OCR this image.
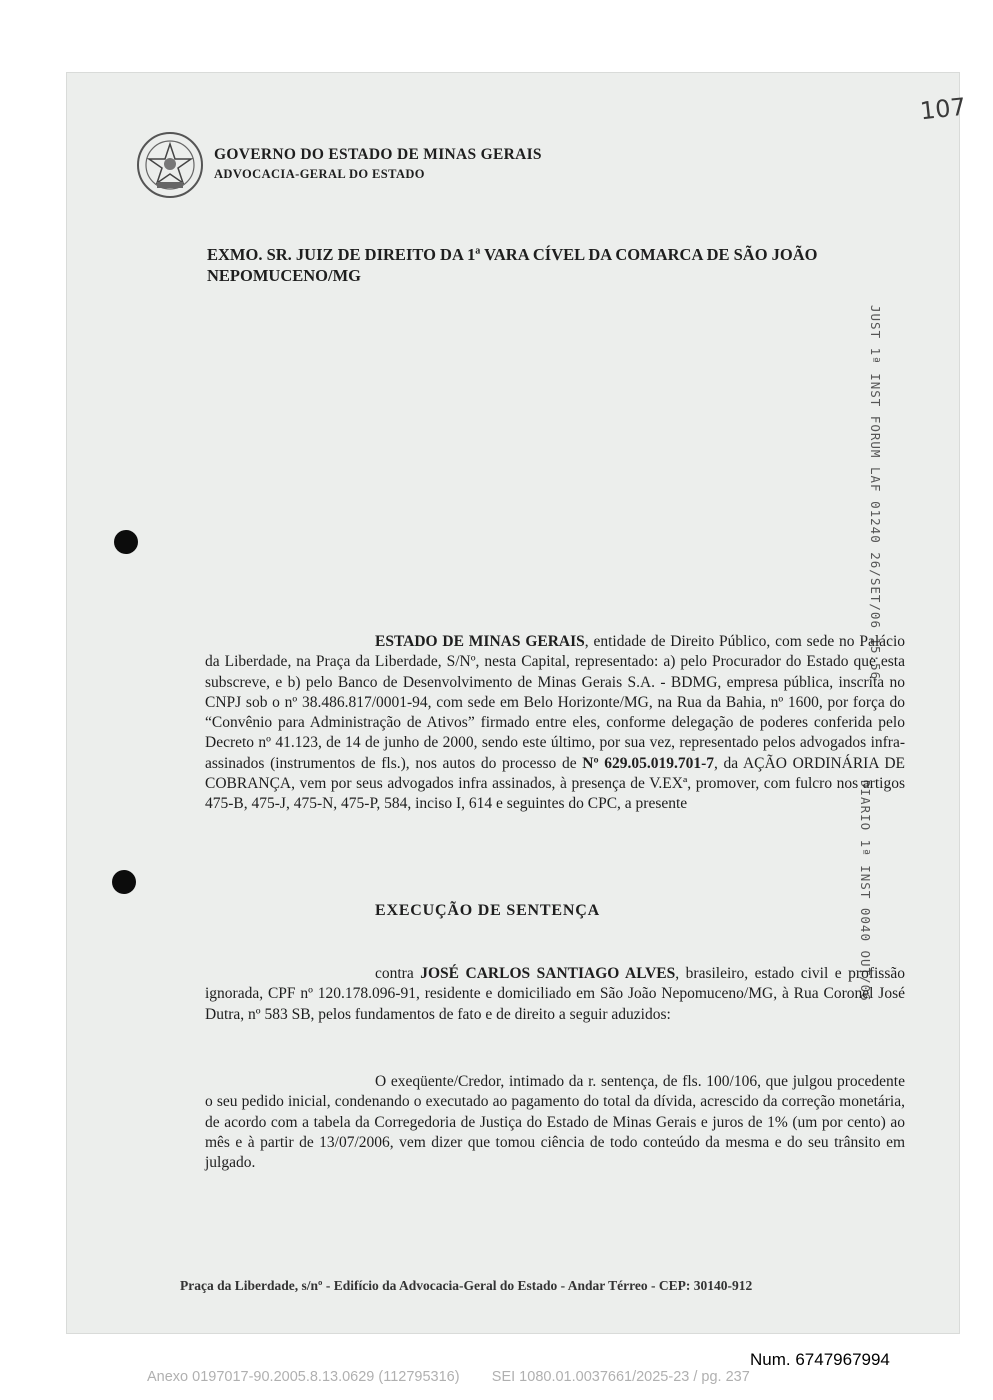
GOVERNO DO ESTADO DE MINAS GERAIS
ADVOCACIA-GERAL DO ESTADO
107
EXMO. SR. JUIZ DE DIREITO DA 1ª VARA CÍVEL DA COMARCA DE SÃO JOÃO NEPOMUCENO/MG
JUST 1ª INST FORUM LAF 01240 26/SET/06 15:56
DIARIO 1ª INST 0040 OUT/06
ESTADO DE MINAS GERAIS, entidade de Direito Público, com sede no Palácio da Liberdade, na Praça da Liberdade, S/Nº, nesta Capital, representado: a) pelo Procurador do Estado que esta subscreve, e b) pelo Banco de Desenvolvimento de Minas Gerais S.A. - BDMG, empresa pública, inscrita no CNPJ sob o nº 38.486.817/0001-94, com sede em Belo Horizonte/MG, na Rua da Bahia, nº 1600, por força do “Convênio para Administração de Ativos” firmado entre eles, conforme delegação de poderes conferida pelo Decreto nº 41.123, de 14 de junho de 2000, sendo este último, por sua vez, representado pelos advogados infra-assinados (instrumentos de fls.), nos autos do processo de Nº 629.05.019.701-7, da AÇÃO ORDINÁRIA DE COBRANÇA, vem por seus advogados infra assinados, à presença de V.EXª, promover, com fulcro nos artigos 475-B, 475-J, 475-N, 475-P, 584, inciso I, 614 e seguintes do CPC, a presente
EXECUÇÃO DE SENTENÇA
contra JOSÉ CARLOS SANTIAGO ALVES, brasileiro, estado civil e profissão ignorada, CPF nº 120.178.096-91, residente e domiciliado em São João Nepomuceno/MG, à Rua Coronel José Dutra, nº 583 SB, pelos fundamentos de fato e de direito a seguir aduzidos:
O exeqüente/Credor, intimado da r. sentença, de fls. 100/106, que julgou procedente o seu pedido inicial, condenando o executado ao pagamento do total da dívida, acrescido da correção monetária, de acordo com a tabela da Corregedoria de Justiça do Estado de Minas Gerais e juros de 1% (um por cento) ao mês e à partir de 13/07/2006, vem dizer que tomou ciência de todo conteúdo da mesma e do seu trânsito em julgado.
Praça da Liberdade, s/nº - Edifício da Advocacia-Geral do Estado - Andar Térreo - CEP: 30140-912
Num. 6747967994
Anexo 0197017-90.2005.8.13.0629 (112795316)        SEI 1080.01.0037661/2025-23 / pg. 237
